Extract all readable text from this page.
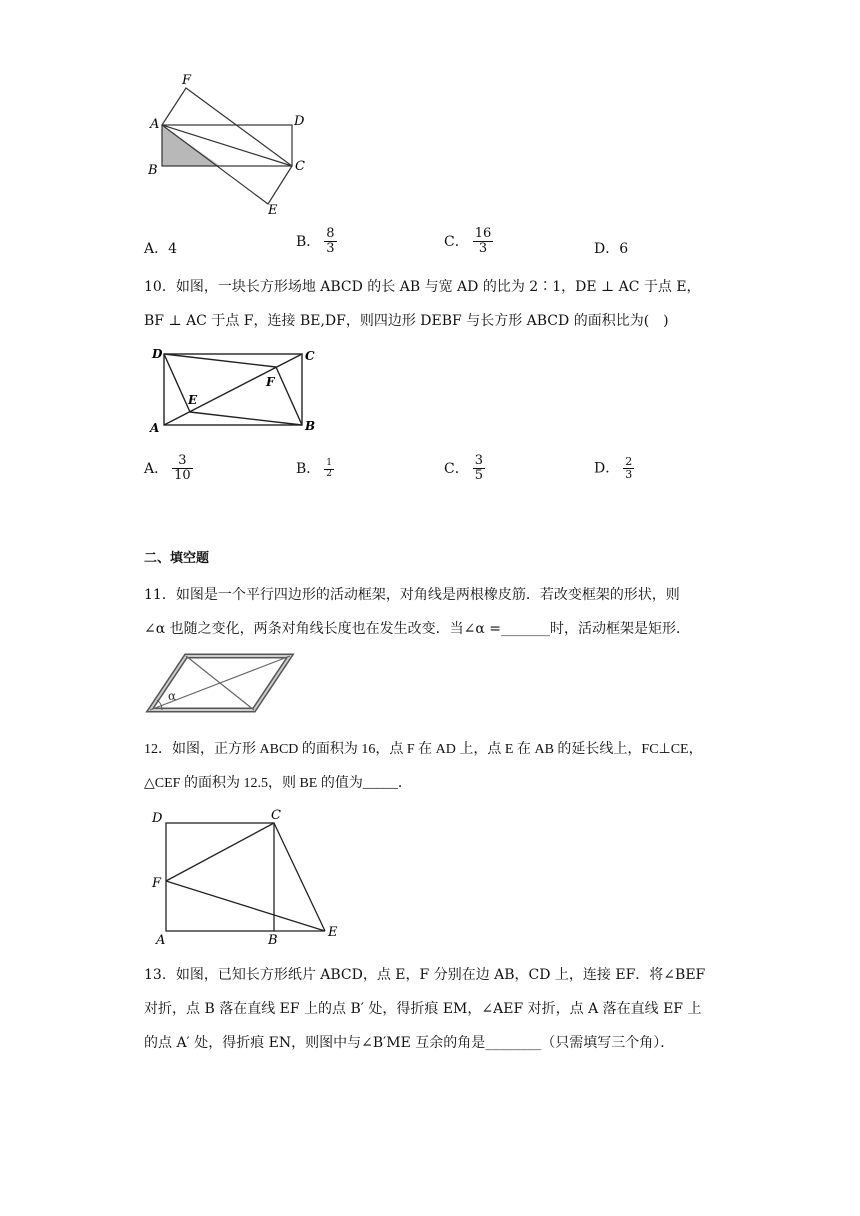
F
A	D
B	C
E
A．4	B． $\frac{8}{3}$	C． $\frac{16}{3}$	D．6
10．如图，一块长方形场地 ABCD 的长 AB 与宽 AD 的比为 2∶1，DE ⊥ AC 于点 E，
BF ⊥ AC 于点 F，连接 BE,DF，则四边形 DEBF 与长方形 ABCD 的面积比为(　)
D	C
F
E
A	B
A． $\frac{3}{10}$	B． $\frac{1}{2}$	C． $\frac{3}{5}$	D． $\frac{2}{3}$
二、填空题
11．如图是一个平行四边形的活动框架，对角线是两根橡皮筋．若改变框架的形状，则
∠α 也随之变化，两条对角线长度也在发生改变．当∠α =_______时，活动框架是矩形．
α
12．如图，正方形 ABCD 的面积为 16，点 F 在 AD 上，点 E 在 AB 的延长线上，FC⊥CE，
△CEF 的面积为 12.5，则 BE 的值为_____．
D	C
F
A	B
E
13．如图，已知长方形纸片 ABCD，点 E，F 分别在边 AB，CD 上，连接 EF．将∠BEF
对折，点 B 落在直线 EF 上的点 B′ 处，得折痕 EM，∠AEF 对折，点 A 落在直线 EF 上
的点 A′ 处，得折痕 EN，则图中与∠B′ME 互余的角是________（只需填写三个角）．
